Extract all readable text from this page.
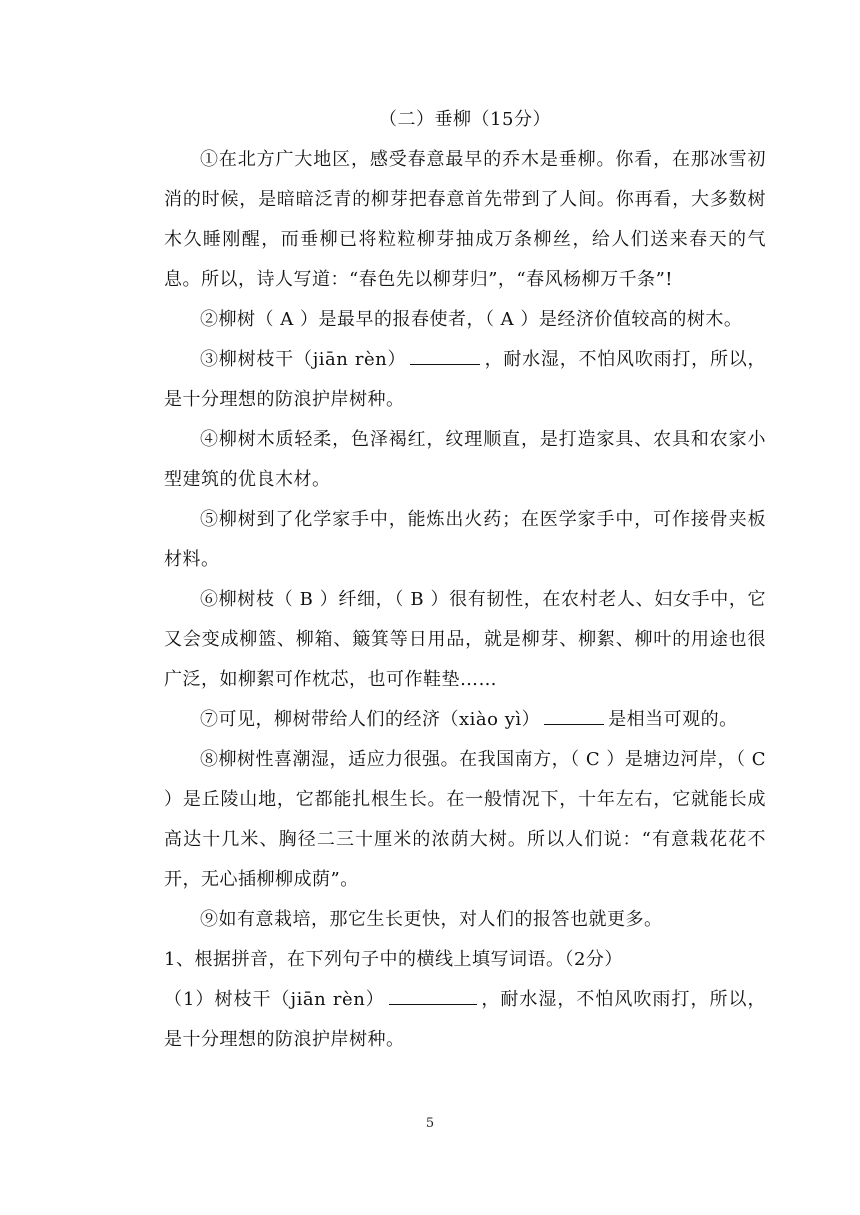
（二）垂柳（15分）

①在北方广大地区，感受春意最早的乔木是垂柳。你看，在那冰雪初消的时候，是暗暗泛青的柳芽把春意首先带到了人间。你再看，大多数树木久睡刚醒，而垂柳已将粒粒柳芽抽成万条柳丝，给人们送来春天的气息。所以，诗人写道：“春色先以柳芽归”，“春风杨柳万千条”!

②柳树（ A ）是最早的报春使者，（ A ）是经济价值较高的树木。

③柳树枝干（jiān rèn）	，耐水湿，不怕风吹雨打，所以，是十分理想的防浪护岸树种。

④柳树木质轻柔，色泽褐红，纹理顺直，是打造家具、农具和农家小型建筑的优良木材。

⑤柳树到了化学家手中，能炼出火药；在医学家手中，可作接骨夹板材料。

⑥柳树枝（ B ）纤细，（ B ）很有韧性，在农村老人、妇女手中，它又会变成柳篮、柳箱、簸箕等日用品，就是柳芽、柳絮、柳叶的用途也很广泛，如柳絮可作枕芯，也可作鞋垫……

⑦可见，柳树带给人们的经济（xiào yì）	是相当可观的。

⑧柳树性喜潮湿，适应力很强。在我国南方，（ C ）是塘边河岸，（ C ）是丘陵山地，它都能扎根生长。在一般情况下，十年左右，它就能长成高达十几米、胸径二三十厘米的浓荫大树。所以人们说：“有意栽花花不开，无心插柳柳成荫”。

⑨如有意栽培，那它生长更快，对人们的报答也就更多。

1、根据拼音，在下列句子中的横线上填写词语。（2分）

（1）树枝干（jiān rèn）	，耐水湿，不怕风吹雨打，所以，是十分理想的防浪护岸树种。

5
